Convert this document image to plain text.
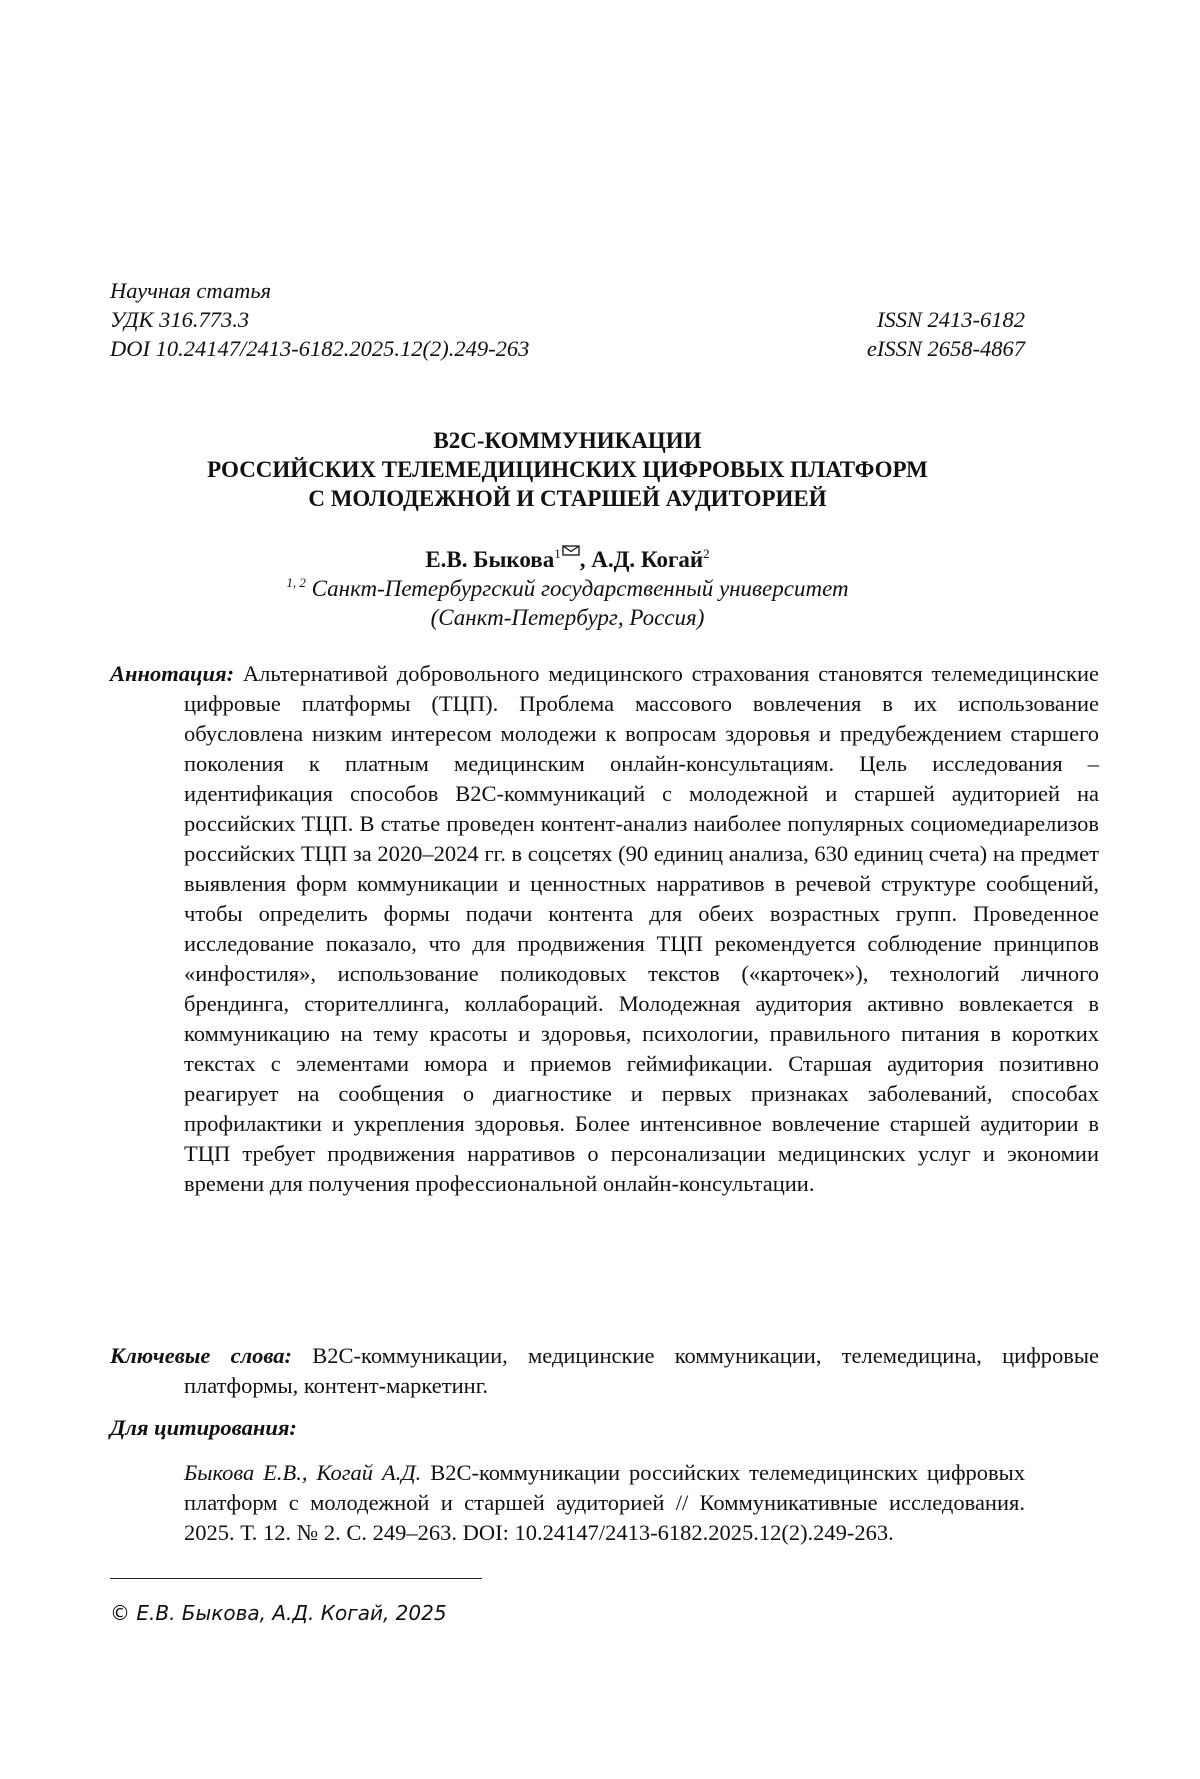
Научная статья
УДК 316.773.3	ISSN 2413-6182
DOI 10.24147/2413-6182.2025.12(2).249-263	eISSN 2658-4867
B2C-КОММУНИКАЦИИ
РОССИЙСКИХ ТЕЛЕМЕДИЦИНСКИХ ЦИФРОВЫХ ПЛАТФОРМ
С МОЛОДЕЖНОЙ И СТАРШЕЙ АУДИТОРИЕЙ
Е.В. Быкова$^1$ , А.Д. Когай$^2$
$^{1, 2}$ Санкт-Петербургский государственный университет
(Санкт-Петербург, Россия)
Аннотация: Альтернативой добровольного медицинского страхования становятся телемедицинские цифровые платформы (ТЦП). Проблема массового вовлечения в их использование обусловлена низким интересом молодежи к вопросам здоровья и предубеждением старшего поколения к платным медицинским онлайн-консультациям. Цель исследования – идентификация способов B2C-коммуникаций с молодежной и старшей аудиторией на российских ТЦП. В статье проведен контент-анализ наиболее популярных социомедиарелизов российских ТЦП за 2020–2024 гг. в соцсетях (90 единиц анализа, 630 единиц счета) на предмет выявления форм коммуникации и ценностных нарративов в речевой структуре сообщений, чтобы определить формы подачи контента для обеих возрастных групп. Проведенное исследование показало, что для продвижения ТЦП рекомендуется соблюдение принципов «инфостиля», использование поликодовых текстов («карточек»), технологий личного брендинга, сторителлинга, коллабораций. Молодежная аудитория активно вовлекается в коммуникацию на тему красоты и здоровья, психологии, правильного питания в коротких текстах с элементами юмора и приемов геймификации. Старшая аудитория позитивно реагирует на сообщения о диагностике и первых признаках заболеваний, способах профилактики и укрепления здоровья. Более интенсивное вовлечение старшей аудитории в ТЦП требует продвижения нарративов о персонализации медицинских услуг и экономии времени для получения профессиональной онлайн-консультации.
Ключевые слова: B2C-коммуникации, медицинские коммуникации, телемедицина, цифровые платформы, контент-маркетинг.
Для цитирования:
Быкова Е.В., Когай А.Д. B2C-коммуникации российских телемедицинских цифровых платформ с молодежной и старшей аудиторией // Коммуникативные исследования. 2025. Т. 12. № 2. С. 249–263. DOI: 10.24147/2413-6182.2025.12(2).249-263.
© Е.В. Быкова, А.Д. Когай, 2025
